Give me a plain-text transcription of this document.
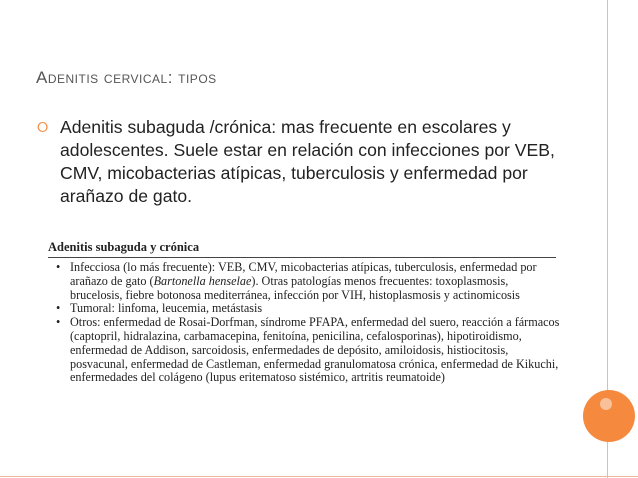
Adenitis cervical: tipos
⭘ Adenitis subaguda /crónica: mas frecuente en escolares y adolescentes. Suele estar en relación con infecciones por VEB, CMV, micobacterias atípicas, tuberculosis y enfermedad por arañazo de gato.
Adenitis subaguda y crónica
• Infecciosa (lo más frecuente): VEB, CMV, micobacterias atípicas, tuberculosis, enfermedad por arañazo de gato (Bartonella henselae). Otras patologías menos frecuentes: toxoplasmosis, brucelosis, fiebre botonosa mediterránea, infección por VIH, histoplasmosis y actinomicosis
• Tumoral: linfoma, leucemia, metástasis
• Otros: enfermedad de Rosai-Dorfman, síndrome PFAPA, enfermedad del suero, reacción a fármacos (captopril, hidralazina, carbamacepina, fenitoína, penicilina, cefalosporinas), hipotiroidismo, enfermedad de Addison, sarcoidosis, enfermedades de depósito, amiloidosis, histiocitosis, posvacunal, enfermedad de Castleman, enfermedad granulomatosa crónica, enfermedad de Kikuchi, enfermedades del colágeno (lupus eritematoso sistémico, artritis reumatoide)
